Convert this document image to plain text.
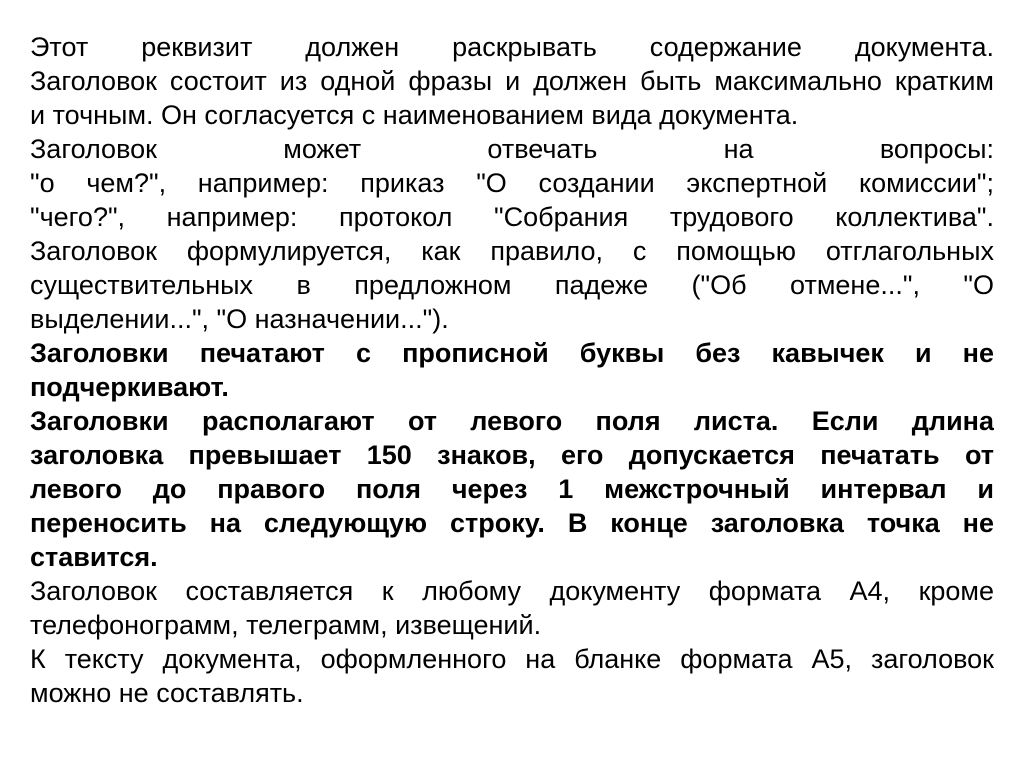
Этот реквизит должен раскрывать содержание документа.
Заголовок состоит из одной фразы и должен быть максимально кратким
и точным. Он согласуется с наименованием вида документа.
Заголовок может отвечать на вопросы:
"о чем?", например: приказ "О создании экспертной комиссии";
"чего?", например: протокол "Собрания трудового коллектива".
Заголовок формулируется, как правило, с помощью отглагольных
существительных в предложном падеже ("Об отмене...", "О
выделении...", "О назначении...").
Заголовки печатают с прописной буквы без кавычек и не
подчеркивают.
Заголовки располагают от левого поля листа. Если длина
заголовка превышает 150 знаков, его допускается печатать от
левого до правого поля через 1 межстрочный интервал и
переносить на следующую строку. В конце заголовка точка не
ставится.
Заголовок составляется к любому документу формата А4, кроме
телефонограмм, телеграмм, извещений.
К тексту документа, оформленного на бланке формата А5, заголовок
можно не составлять.
